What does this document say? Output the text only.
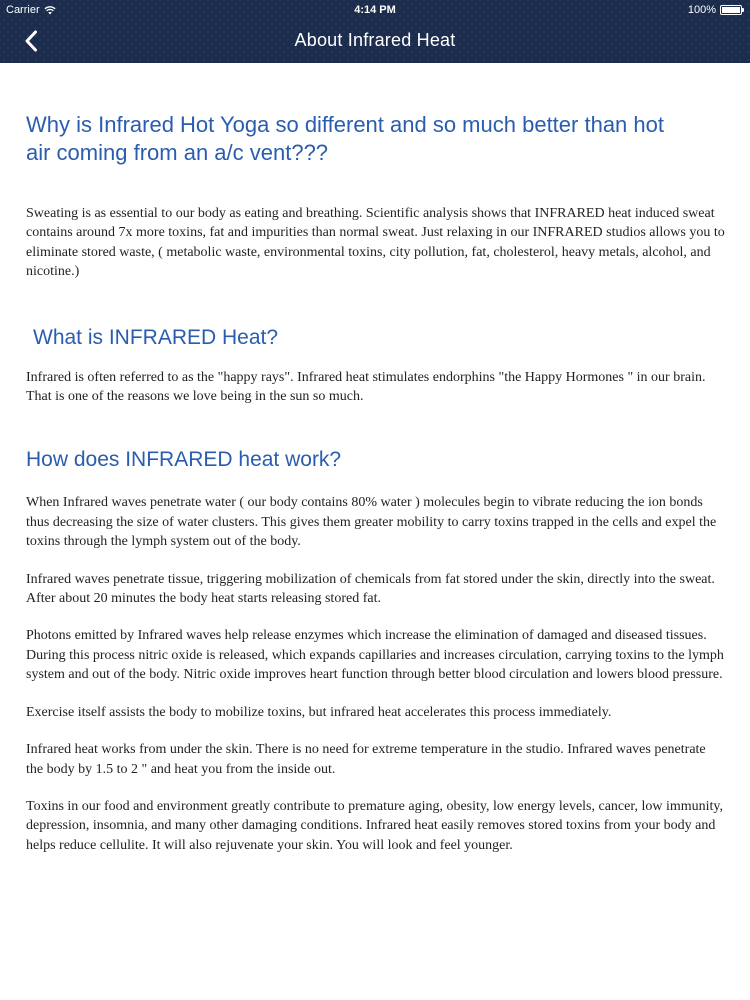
Carrier	4:14 PM	100%
About Infrared Heat
Why is Infrared Hot Yoga so different and so much better than hot air coming from an a/c vent???

Sweating is as essential to our body as eating and breathing. Scientific analysis shows that INFRARED heat induced sweat contains around 7x more toxins, fat and impurities than normal sweat. Just relaxing in our INFRARED studios allows you to eliminate stored waste, ( metabolic waste, environmental toxins, city pollution, fat, cholesterol, heavy metals, alcohol, and nicotine.)

What is INFRARED Heat?

Infrared is often referred to as the "happy rays". Infrared heat stimulates endorphins "the Happy Hormones " in our brain. That is one of the reasons we love being in the sun so much.

How does INFRARED heat work?

When Infrared waves penetrate water ( our body contains 80% water ) molecules begin to vibrate reducing the ion bonds thus decreasing the size of water clusters. This gives them greater mobility to carry toxins trapped in the cells and expel the toxins through the lymph system out of the body.

Infrared waves penetrate tissue, triggering mobilization of chemicals from fat stored under the skin, directly into the sweat. After about 20 minutes the body heat starts releasing stored fat.

Photons emitted by Infrared waves help release enzymes which increase the elimination of damaged and diseased tissues. During this process nitric oxide is released, which expands capillaries and increases circulation, carrying toxins to the lymph system and out of the body. Nitric oxide improves heart function through better blood circulation and lowers blood pressure.

Exercise itself assists the body to mobilize toxins, but infrared heat accelerates this process immediately.

Infrared heat works from under the skin. There is no need for extreme temperature in the studio. Infrared waves penetrate the body by 1.5 to 2 " and heat you from the inside out.

Toxins in our food and environment greatly contribute to premature aging, obesity, low energy levels, cancer, low immunity, depression, insomnia, and many other damaging conditions. Infrared heat easily removes stored toxins from your body and helps reduce cellulite. It will also rejuvenate your skin. You will look and feel younger.
